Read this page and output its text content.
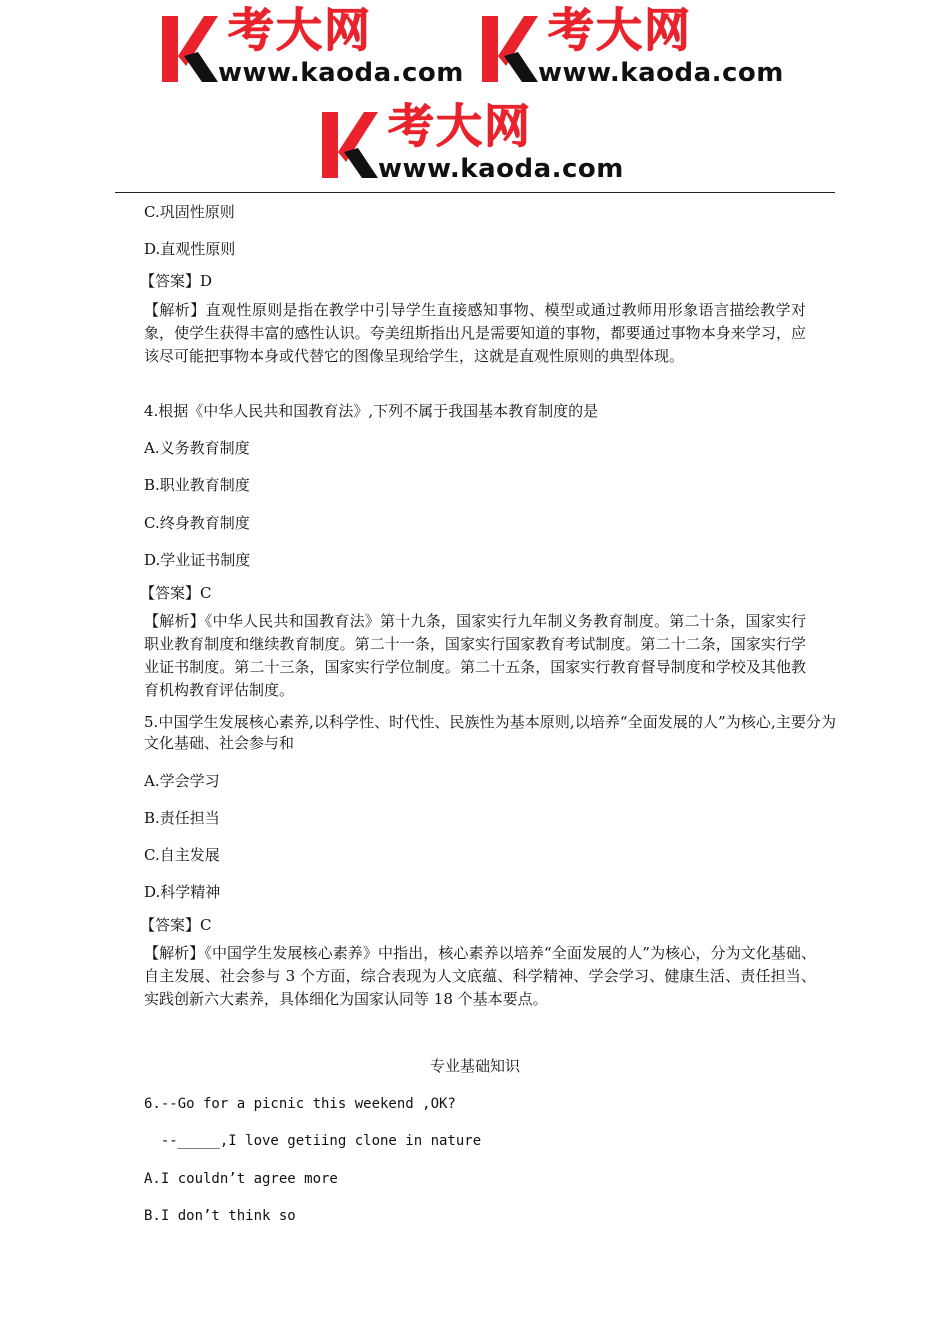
考大网
www.kaoda.com
考大网
www.kaoda.com
考大网
www.kaoda.com
C.巩固性原则
D.直观性原则
【答案】D
【解析】直观性原则是指在教学中引导学生直接感知事物、模型或通过教师用形象语言描绘教学对象，使学生获得丰富的感性认识。夸美纽斯指出凡是需要知道的事物，都要通过事物本身来学习，应该尽可能把事物本身或代替它的图像呈现给学生，这就是直观性原则的典型体现。
4.根据《中华人民共和国教育法》,下列不属于我国基本教育制度的是
A.义务教育制度
B.职业教育制度
C.终身教育制度
D.学业证书制度
【答案】C
【解析】《中华人民共和国教育法》第十九条，国家实行九年制义务教育制度。第二十条，国家实行职业教育制度和继续教育制度。第二十一条，国家实行国家教育考试制度。第二十二条，国家实行学业证书制度。第二十三条，国家实行学位制度。第二十五条，国家实行教育督导制度和学校及其他教育机构教育评估制度。
5.中国学生发展核心素养,以科学性、时代性、民族性为基本原则,以培养“全面发展的人”为核心,主要分为文化基础、社会参与和
A.学会学习
B.责任担当
C.自主发展
D.科学精神
【答案】C
【解析】《中国学生发展核心素养》中指出，核心素养以培养“全面发展的人”为核心，分为文化基础、自主发展、社会参与 3 个方面，综合表现为人文底蕴、科学精神、学会学习、健康生活、责任担当、实践创新六大素养，具体细化为国家认同等 18 个基本要点。
专业基础知识
6.--Go for a picnic this weekend ,OK?
--_____,I love getiing clone in nature
A.I couldn’t agree more
B.I don’t think so
